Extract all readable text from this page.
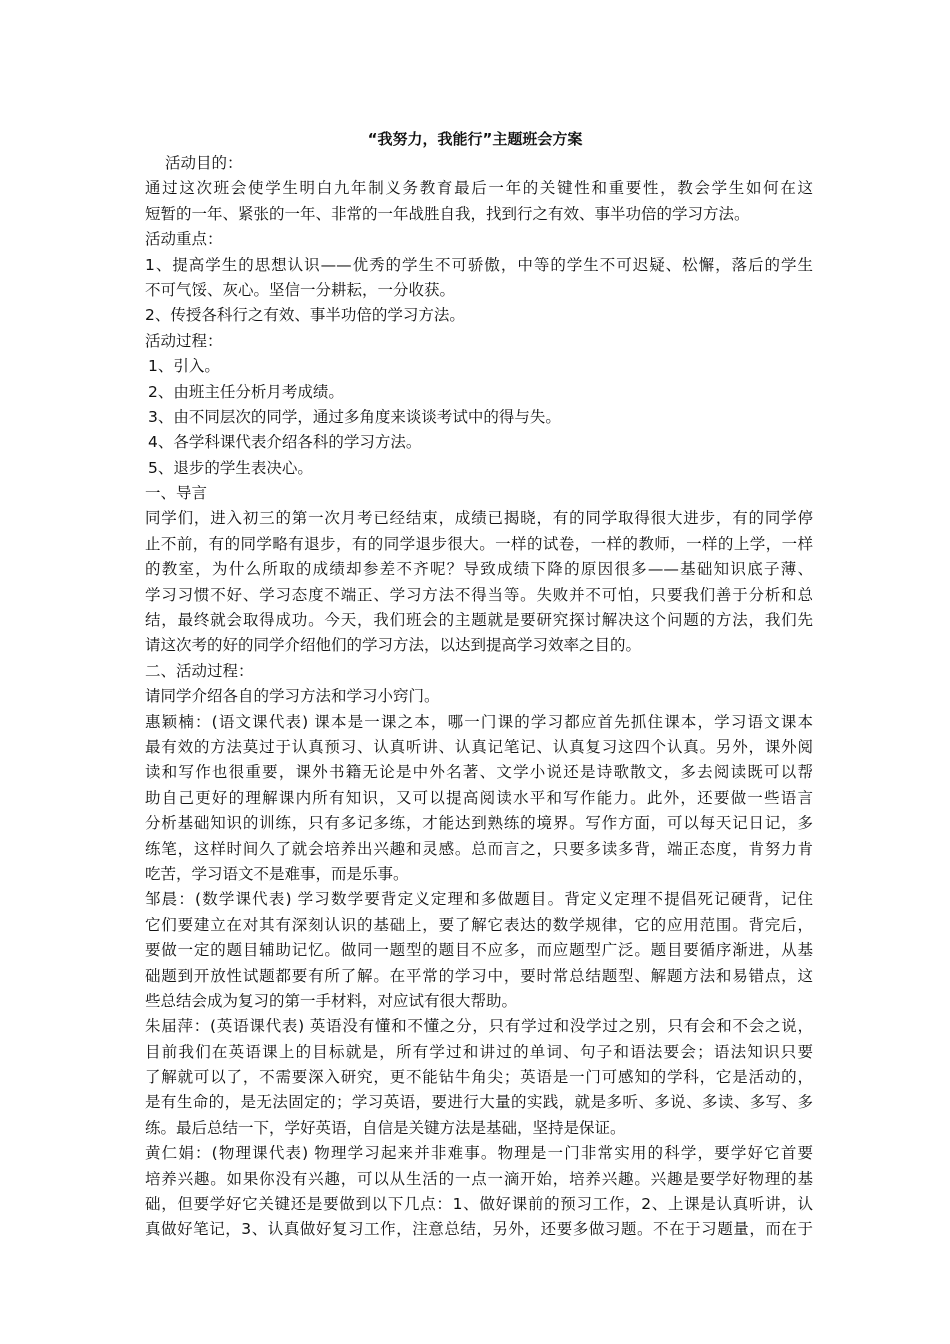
“我努力，我能行”主题班会方案
活动目的：
通过这次班会使学生明白九年制义务教育最后一年的关键性和重要性，教会学生如何在这
短暂的一年、紧张的一年、非常的一年战胜自我，找到行之有效、事半功倍的学习方法。
活动重点：
1、提高学生的思想认识——优秀的学生不可骄傲，中等的学生不可迟疑、松懈，落后的学生
不可气馁、灰心。坚信一分耕耘，一分收获。
2、传授各科行之有效、事半功倍的学习方法。
活动过程：
1、引入。
2、由班主任分析月考成绩。
3、由不同层次的同学，通过多角度来谈谈考试中的得与失。
4、各学科课代表介绍各科的学习方法。
5、退步的学生表决心。
一、导言
同学们，进入初三的第一次月考已经结束，成绩已揭晓，有的同学取得很大进步，有的同学停
止不前，有的同学略有退步，有的同学退步很大。一样的试卷，一样的教师，一样的上学，一样
的教室，为什么所取的成绩却参差不齐呢？导致成绩下降的原因很多——基础知识底子薄、
学习习惯不好、学习态度不端正、学习方法不得当等。失败并不可怕，只要我们善于分析和总
结，最终就会取得成功。今天，我们班会的主题就是要研究探讨解决这个问题的方法，我们先
请这次考的好的同学介绍他们的学习方法，以达到提高学习效率之目的。
二、活动过程：
请同学介绍各自的学习方法和学习小窍门。
惠颖楠：(语文课代表) 课本是一课之本，哪一门课的学习都应首先抓住课本，学习语文课本
最有效的方法莫过于认真预习、认真听讲、认真记笔记、认真复习这四个认真。另外，课外阅
读和写作也很重要，课外书籍无论是中外名著、文学小说还是诗歌散文，多去阅读既可以帮
助自己更好的理解课内所有知识，又可以提高阅读水平和写作能力。此外，还要做一些语言
分析基础知识的训练，只有多记多练，才能达到熟练的境界。写作方面，可以每天记日记，多
练笔，这样时间久了就会培养出兴趣和灵感。总而言之，只要多读多背，端正态度，肯努力肯
吃苦，学习语文不是难事，而是乐事。
邹晨：(数学课代表) 学习数学要背定义定理和多做题目。背定义定理不提倡死记硬背，记住
它们要建立在对其有深刻认识的基础上，要了解它表达的数学规律，它的应用范围。背完后，
要做一定的题目辅助记忆。做同一题型的题目不应多，而应题型广泛。题目要循序渐进，从基
础题到开放性试题都要有所了解。在平常的学习中，要时常总结题型、解题方法和易错点，这
些总结会成为复习的第一手材料，对应试有很大帮助。
朱届萍：(英语课代表) 英语没有懂和不懂之分，只有学过和没学过之别，只有会和不会之说，
目前我们在英语课上的目标就是，所有学过和讲过的单词、句子和语法要会；语法知识只要
了解就可以了，不需要深入研究，更不能钻牛角尖；英语是一门可感知的学科，它是活动的，
是有生命的，是无法固定的；学习英语，要进行大量的实践，就是多听、多说、多读、多写、多
练。最后总结一下，学好英语，自信是关键方法是基础，坚持是保证。
黄仁娟：(物理课代表) 物理学习起来并非难事。物理是一门非常实用的科学，要学好它首要
培养兴趣。如果你没有兴趣，可以从生活的一点一滴开始，培养兴趣。兴趣是要学好物理的基
础，但要学好它关键还是要做到以下几点：1、做好课前的预习工作，2、上课是认真听讲，认
真做好笔记，3、认真做好复习工作，注意总结，另外，还要多做习题。不在于习题量，而在于
